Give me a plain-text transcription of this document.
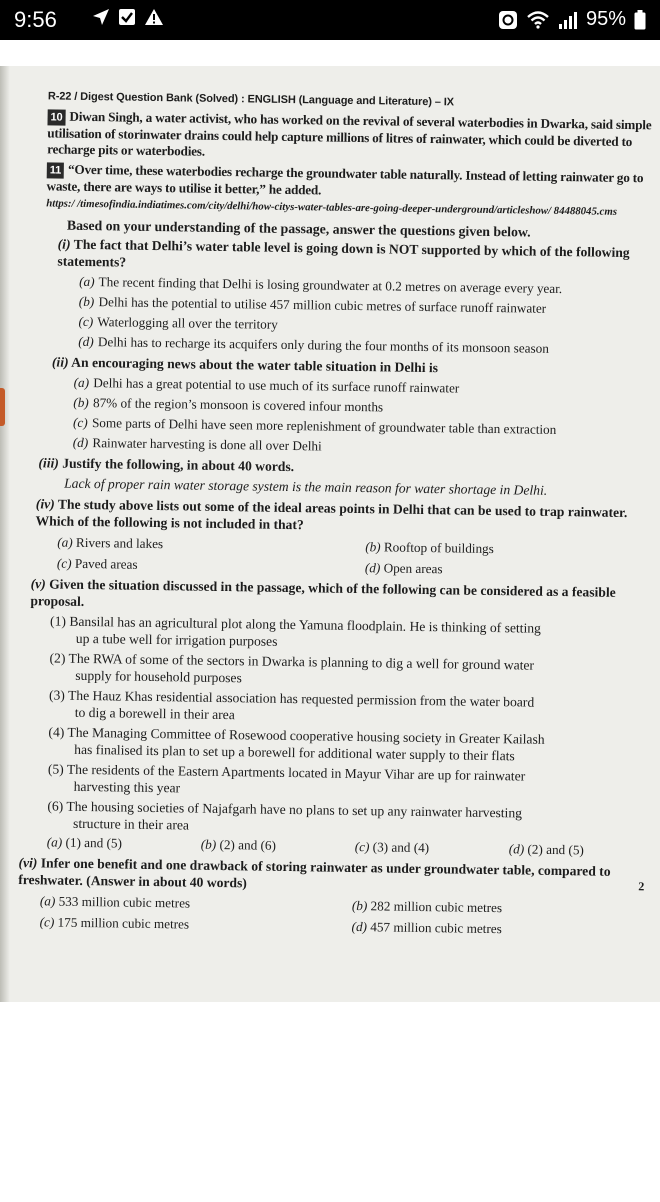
9:56	95%
R-22 / Digest Question Bank (Solved) : ENGLISH (Language and Literature) – IX
10 Diwan Singh, a water activist, who has worked on the revival of several waterbodies in Dwarka, said simple utilisation of storinwater drains could help capture millions of litres of rainwater, which could be diverted to recharge pits or waterbodies.
11 “Over time, these waterbodies recharge the groundwater table naturally. Instead of letting rainwater go to waste, there are ways to utilise it better,” he added.
https:/ /timesofindia.indiatimes.com/city/delhi/how-citys-water-tables-are-going-deeper-underground/articleshow/ 84488045.cms
Based on your understanding of the passage, answer the questions given below.
(i) The fact that Delhi’s water table level is going down is NOT supported by which of the following statements?
(a) The recent finding that Delhi is losing groundwater at 0.2 metres on average every year.
(b) Delhi has the potential to utilise 457 million cubic metres of surface runoff rainwater
(c) Waterlogging all over the territory
(d) Delhi has to recharge its acquifers only during the four months of its monsoon season
(ii) An encouraging news about the water table situation in Delhi is
(a) Delhi has a great potential to use much of its surface runoff rainwater
(b) 87% of the region’s monsoon is covered infour months
(c) Some parts of Delhi have seen more replenishment of groundwater table than extraction
(d) Rainwater harvesting is done all over Delhi
(iii) Justify the following, in about 40 words.
Lack of proper rain water storage system is the main reason for water shortage in Delhi.
(iv) The study above lists out some of the ideal areas points in Delhi that can be used to trap rainwater. Which of the following is not included in that?
(a) Rivers and lakes	(b) Rooftop of buildings
(c) Paved areas	(d) Open areas
(v) Given the situation discussed in the passage, which of the following can be considered as a feasible proposal.
(1) Bansilal has an agricultural plot along the Yamuna floodplain. He is thinking of setting
up a tube well for irrigation purposes
(2) The RWA of some of the sectors in Dwarka is planning to dig a well for ground water
supply for household purposes
(3) The Hauz Khas residential association has requested permission from the water board
to dig a borewell in their area
(4) The Managing Committee of Rosewood cooperative housing society in Greater Kailash
has finalised its plan to set up a borewell for additional water supply to their flats
(5) The residents of the Eastern Apartments located in Mayur Vihar are up for rainwater
harvesting this year
(6) The housing societies of Najafgarh have no plans to set up any rainwater harvesting
structure in their area
(a) (1) and (5)	(b) (2) and (6)	(c) (3) and (4)	(d) (2) and (5)
(vi) Infer one benefit and one drawback of storing rainwater as under groundwater table, compared to freshwater. (Answer in about 40 words)	2
(a) 533 million cubic metres	(b) 282 million cubic metres
(c) 175 million cubic metres	(d) 457 million cubic metres
